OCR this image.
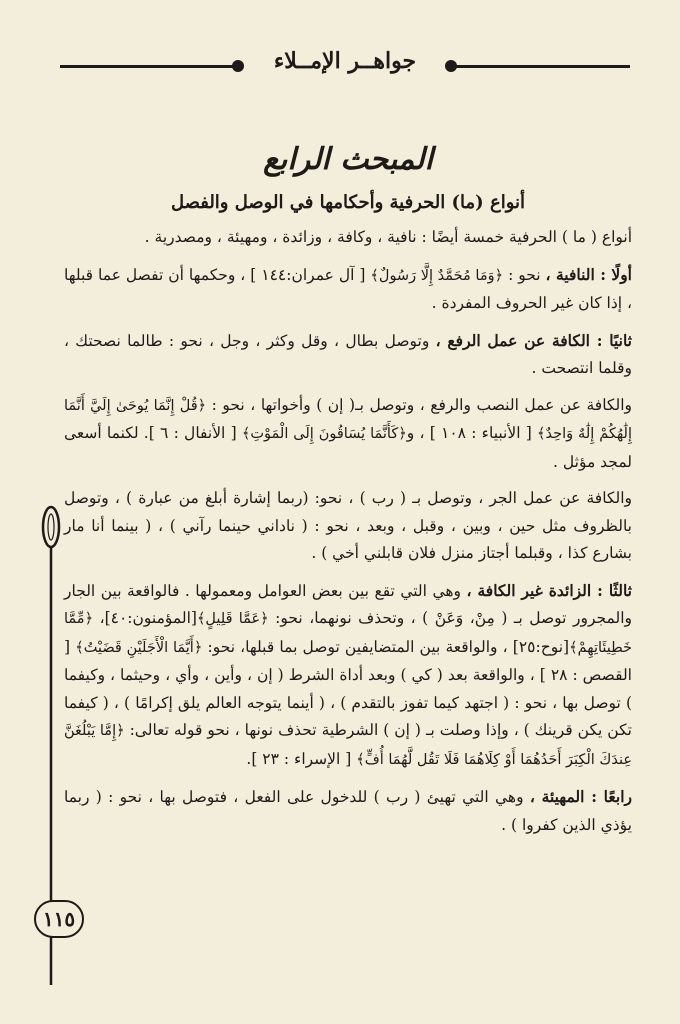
جواهــر الإمــلاء
١١٥
المبحث الرابع
أنواع (ما) الحرفية وأحكامها في الوصل والفصل

أنواع ( ما ) الحرفية خمسة أيضًا : نافية ، وكافة ، وزائدة ، ومهيئة ، ومصدرية .

أولًا : النافية ، نحو : ﴿وَمَا مُحَمَّدٌ إِلَّا رَسُولٌ﴾ [ آل عمران:١٤٤ ] ، وحكمها أن تفصل عما قبلها ، إذا كان غير الحروف المفردة .

ثانيًا : الكافة عن عمل الرفع ، وتوصل بطال ، وقل وكثر ، وجل ، نحو : طالما نصحتك ، وقلما انتصحت .

والكافة عن عمل النصب والرفع ، وتوصل بـ( إن ) وأخواتها ، نحو : ﴿قُلْ إِنَّمَا يُوحَىٰ إِلَيَّ أَنَّمَا إِلَٰهُكُمْ إِلَٰهٌ وَاحِدٌ﴾ [ الأنبياء : ١٠٨ ] ، و﴿كَأَنَّمَا يُسَاقُونَ إِلَى الْمَوْتِ﴾ [ الأنفال : ٦ ]. لكنما أسعى لمجد مؤثل .

والكافة عن عمل الجر ، وتوصل بـ ( رب ) ، نحو: (ربما إشارة أبلغ من عبارة ) ، وتوصل بالظروف مثل حين ، وبين ، وقبل ، وبعد ، نحو : ( ناداني حينما رآني ) ، ( بينما أنا مار بشارع كذا ، وقبلما أجتاز منزل فلان قابلني أخي ) .

ثالثًا : الزائدة غير الكافة ، وهي التي تقع بين بعض العوامل ومعمولها . فالواقعة بين الجار والمجرور توصل بـ ( مِنْ، وَعَنْ ) ، وتحذف نونهما، نحو: ﴿عَمَّا قَلِيلٍ﴾[المؤمنون:٤٠]، ﴿مِّمَّا خَطِيئَاتِهِمْ﴾[نوح:٢٥] ، والواقعة بين المتضايفين توصل بما قبلها، نحو: ﴿أَيَّمَا الْأَجَلَيْنِ قَضَيْتُ﴾ [ القصص : ٢٨ ] ، والواقعة بعد ( كي ) وبعد أداة الشرط ( إن ، وأين ، وأي ، وحيثما ، وكيفما ) توصل بها ، نحو : ( اجتهد كيما تفوز بالتقدم ) ، ( أينما يتوجه العالم يلق إكرامًا ) ، ( كيفما تكن يكن قرينك ) ، وإذا وصلت بـ ( إن ) الشرطية تحذف نونها ، نحو قوله تعالى: ﴿إِمَّا يَبْلُغَنَّ عِندَكَ الْكِبَرَ أَحَدُهُمَا أَوْ كِلَاهُمَا فَلَا تَقُل لَّهُمَا أُفٍّ﴾ [ الإسراء : ٢٣ ].

رابعًا : المهيئة ، وهي التي تهيئ ( رب ) للدخول على الفعل ، فتوصل بها ، نحو : ( ربما يؤذي الذين كفروا ) .
